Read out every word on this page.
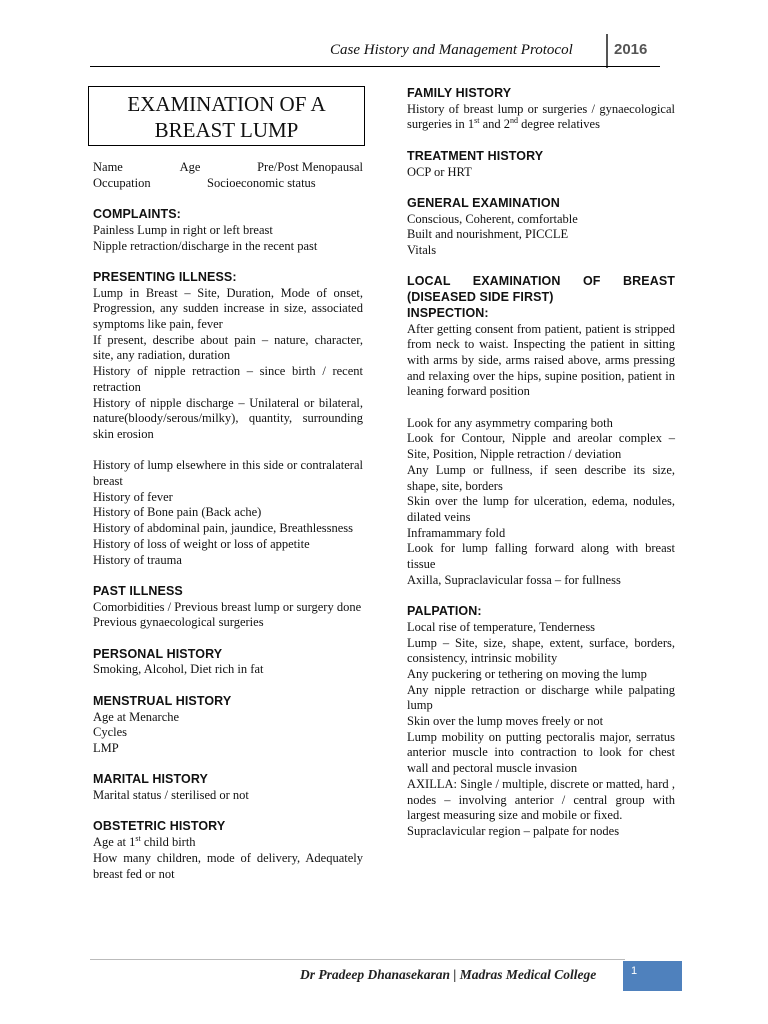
Case History and Management Protocol	2016
EXAMINATION OF A
BREAST LUMP
Name	Age	Pre/Post Menopausal
Occupation	Socioeconomic status
COMPLAINTS:
Painless Lump in right or left breast
Nipple retraction/discharge in the recent past
PRESENTING ILLNESS:
Lump in Breast – Site, Duration, Mode of onset, Progression, any sudden increase in size, associated symptoms like pain, fever
If present, describe about pain – nature, character, site, any radiation, duration
History of nipple retraction – since birth / recent retraction
History of nipple discharge – Unilateral or bilateral, nature(bloody/serous/milky), quantity, surrounding skin erosion
History of lump elsewhere in this side or contralateral breast
History of fever
History of Bone pain (Back ache)
History of abdominal pain, jaundice, Breathlessness
History of loss of weight or loss of appetite
History of trauma
PAST ILLNESS
Comorbidities / Previous breast lump or surgery done
Previous gynaecological surgeries
PERSONAL HISTORY
Smoking, Alcohol, Diet rich in fat
MENSTRUAL HISTORY
Age at Menarche
Cycles
LMP
MARITAL HISTORY
Marital status / sterilised or not
OBSTETRIC HISTORY
Age at 1st child birth
How many children, mode of delivery, Adequately breast fed or not
FAMILY HISTORY
History of breast lump or surgeries / gynaecological surgeries in 1st and 2nd degree relatives
TREATMENT HISTORY
OCP or HRT
GENERAL EXAMINATION
Conscious, Coherent, comfortable
Built and nourishment, PICCLE
Vitals
LOCAL EXAMINATION OF BREAST (DISEASED SIDE FIRST)
INSPECTION:
After getting consent from patient, patient is stripped from neck to waist. Inspecting the patient in sitting with arms by side, arms raised above, arms pressing and relaxing over the hips, supine position, patient in leaning forward position
Look for any asymmetry comparing both
Look for Contour, Nipple and areolar complex – Site, Position, Nipple retraction / deviation
Any Lump or fullness, if seen describe its size, shape, site, borders
Skin over the lump for ulceration, edema, nodules, dilated veins
Inframammary fold
Look for lump falling forward along with breast tissue
Axilla, Supraclavicular fossa – for fullness
PALPATION:
Local rise of temperature, Tenderness
Lump – Site, size, shape, extent, surface, borders, consistency, intrinsic mobility
Any puckering or tethering on moving the lump
Any nipple retraction or discharge while palpating lump
Skin over the lump moves freely or not
Lump mobility on putting pectoralis major, serratus anterior muscle into contraction to look for chest wall and pectoral muscle invasion
AXILLA: Single / multiple, discrete or matted, hard , nodes – involving anterior / central group with largest measuring size and mobile or fixed.
Supraclavicular region – palpate for nodes
Dr Pradeep Dhanasekaran | Madras Medical College	1
